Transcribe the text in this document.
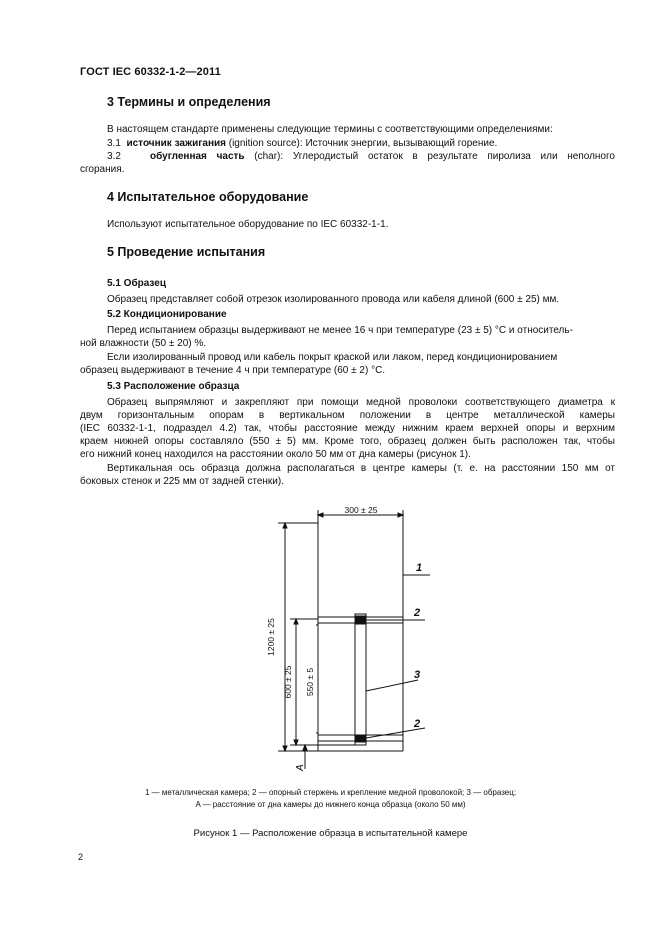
ГОСТ IEC 60332-1-2—2011
3 Термины и определения
В настоящем стандарте применены следующие термины с соответствующими определениями:
3.1 источник зажигания (ignition source): Источник энергии, вызывающий горение.
3.2	обугленная часть (char): Углеродистый остаток в результате пиролиза или неполного
сгорания.
4 Испытательное оборудование
Используют испытательное оборудование по IEC 60332-1-1.
5 Проведение испытания
5.1 Образец
Образец представляет собой отрезок изолированного провода или кабеля длиной (600 ± 25) мм.
5.2 Кондиционирование
Перед испытанием образцы выдерживают не менее 16 ч при температуре (23 ± 5) °С и относитель-
ной влажности (50 ± 20) %.
Если изолированный провод или кабель покрыт краской или лаком, перед кондиционированием
образец выдерживают в течение 4 ч при температуре (60 ± 2) °С.
5.3 Расположение образца
Образец выпрямляют и закрепляют при помощи медной проволоки соответствующего диаметра к
двум горизонтальным опорам в вертикальном положении в центре металлической камеры
(IEC 60332-1-1, подраздел 4.2) так, чтобы расстояние между нижним краем верхней опоры и верхним
краем нижней опоры составляло (550 ± 5) мм. Кроме того, образец должен быть расположен так, чтобы
его нижний конец находился на расстоянии около 50 мм от дна камеры (рисунок 1).
Вертикальная ось образца должна располагаться в центре камеры (т. е. на расстоянии 150 мм от
боковых стенок и 225 мм от задней стенки).
300 ± 25
1200 ± 25
600 ± 25 550 ± 5
1
2
3
2
A
1 — металлическая камера; 2 — опорный стержень и крепление медной проволокой; 3 — образец;
A — расстояние от дна камеры до нижнего конца образца (около 50 мм)
Рисунок 1 — Расположение образца в испытательной камере
2
